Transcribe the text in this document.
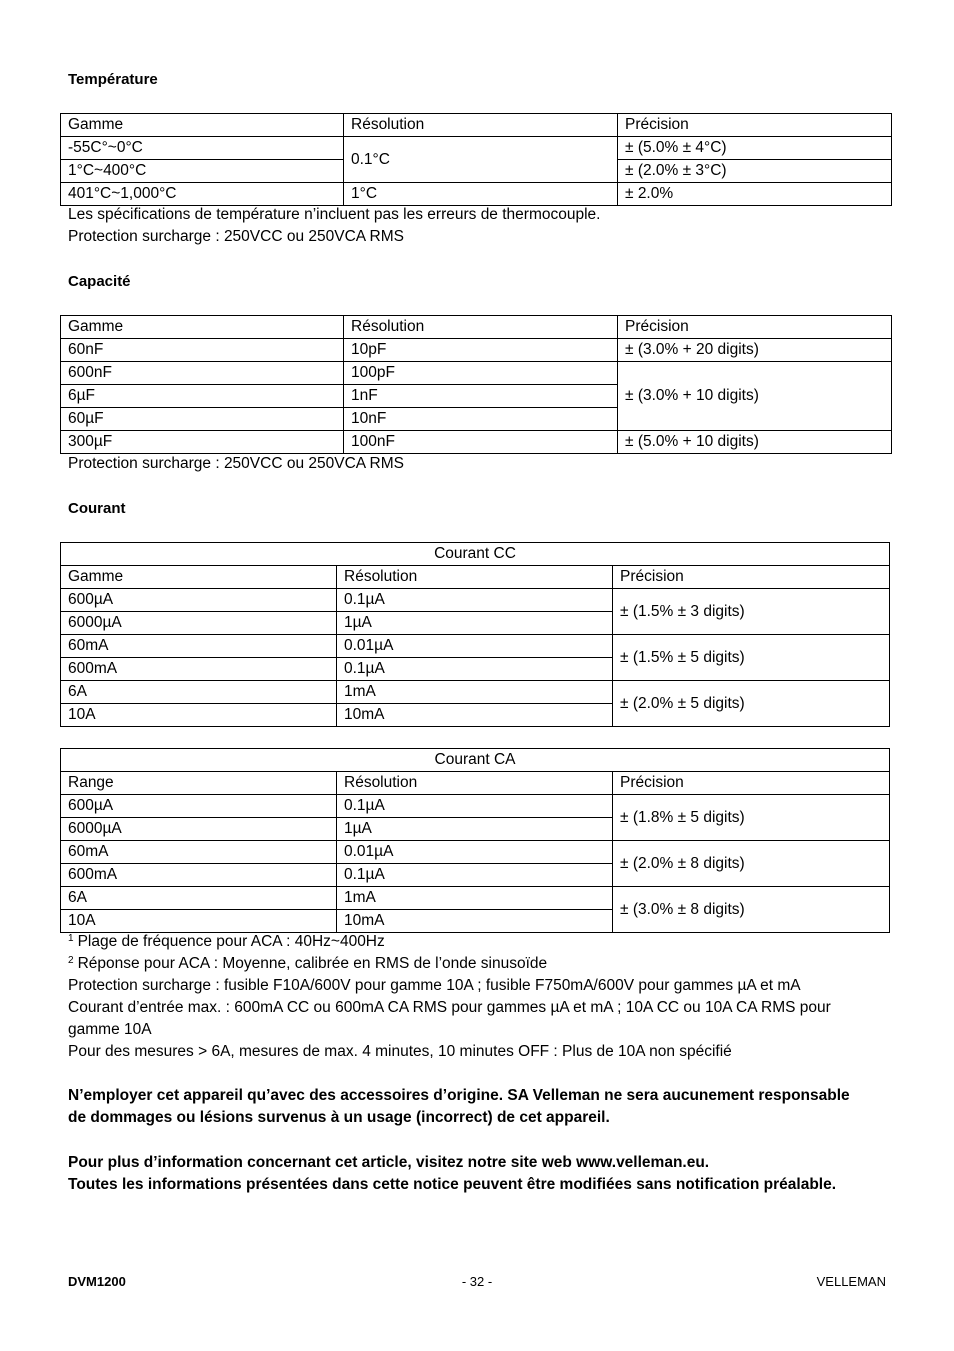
Température

Gamme	Résolution	Précision
-55C°~0°C	0.1°C	± (5.0% ± 4°C)
1°C~400°C		± (2.0% ± 3°C)
401°C~1,000°C	1°C	± 2.0%

Les spécifications de température n’incluent pas les erreurs de thermocouple.

Protection surcharge : 250VCC ou 250VCA RMS

Capacité

Gamme	Résolution	Précision
60nF	10pF	± (3.0% + 20 digits)
600nF	100pF	± (3.0% + 10 digits)
6µF	1nF	
60µF	10nF	
300µF	100nF	± (5.0% + 10 digits)

Protection surcharge : 250VCC ou 250VCA RMS

Courant

Courant CC		
Gamme	Résolution	Précision
600µA	0.1µA	± (1.5% ± 3 digits)
6000µA	1µA	
60mA	0.01µA	± (1.5% ± 5 digits)
600mA	0.1µA	
6A	1mA	± (2.0% ± 5 digits)
10A	10mA	
Courant CA		
Range	Résolution	Précision
600µA	0.1µA	± (1.8% ± 5 digits)
6000µA	1µA	
60mA	0.01µA	± (2.0% ± 8 digits)
600mA	0.1µA	
6A	1mA	± (3.0% ± 8 digits)
10A	10mA	

$^1$ Plage de fréquence pour ACA : 40Hz~400Hz

$^2$ Réponse pour ACA : Moyenne, calibrée en RMS de l’onde sinusoïde

Protection surcharge : fusible F10A/600V pour gamme 10A ; fusible F750mA/600V pour gammes µA et mA

Courant d’entrée max. : 600mA CC ou 600mA CA RMS pour gammes µA et mA ; 10A CC ou 10A CA RMS pour

gamme 10A

Pour des mesures > 6A, mesures de max. 4 minutes, 10 minutes OFF : Plus de 10A non spécifié

N’employer cet appareil qu’avec des accessoires d’origine. SA Velleman ne sera aucunement responsable

de dommages ou lésions survenus à un usage (incorrect) de cet appareil.

Pour plus d’information concernant cet article, visitez notre site web www.velleman.eu.

Toutes les informations présentées dans cette notice peuvent être modifiées sans notification préalable.

DVM1200	- 32 -	VELLEMAN
